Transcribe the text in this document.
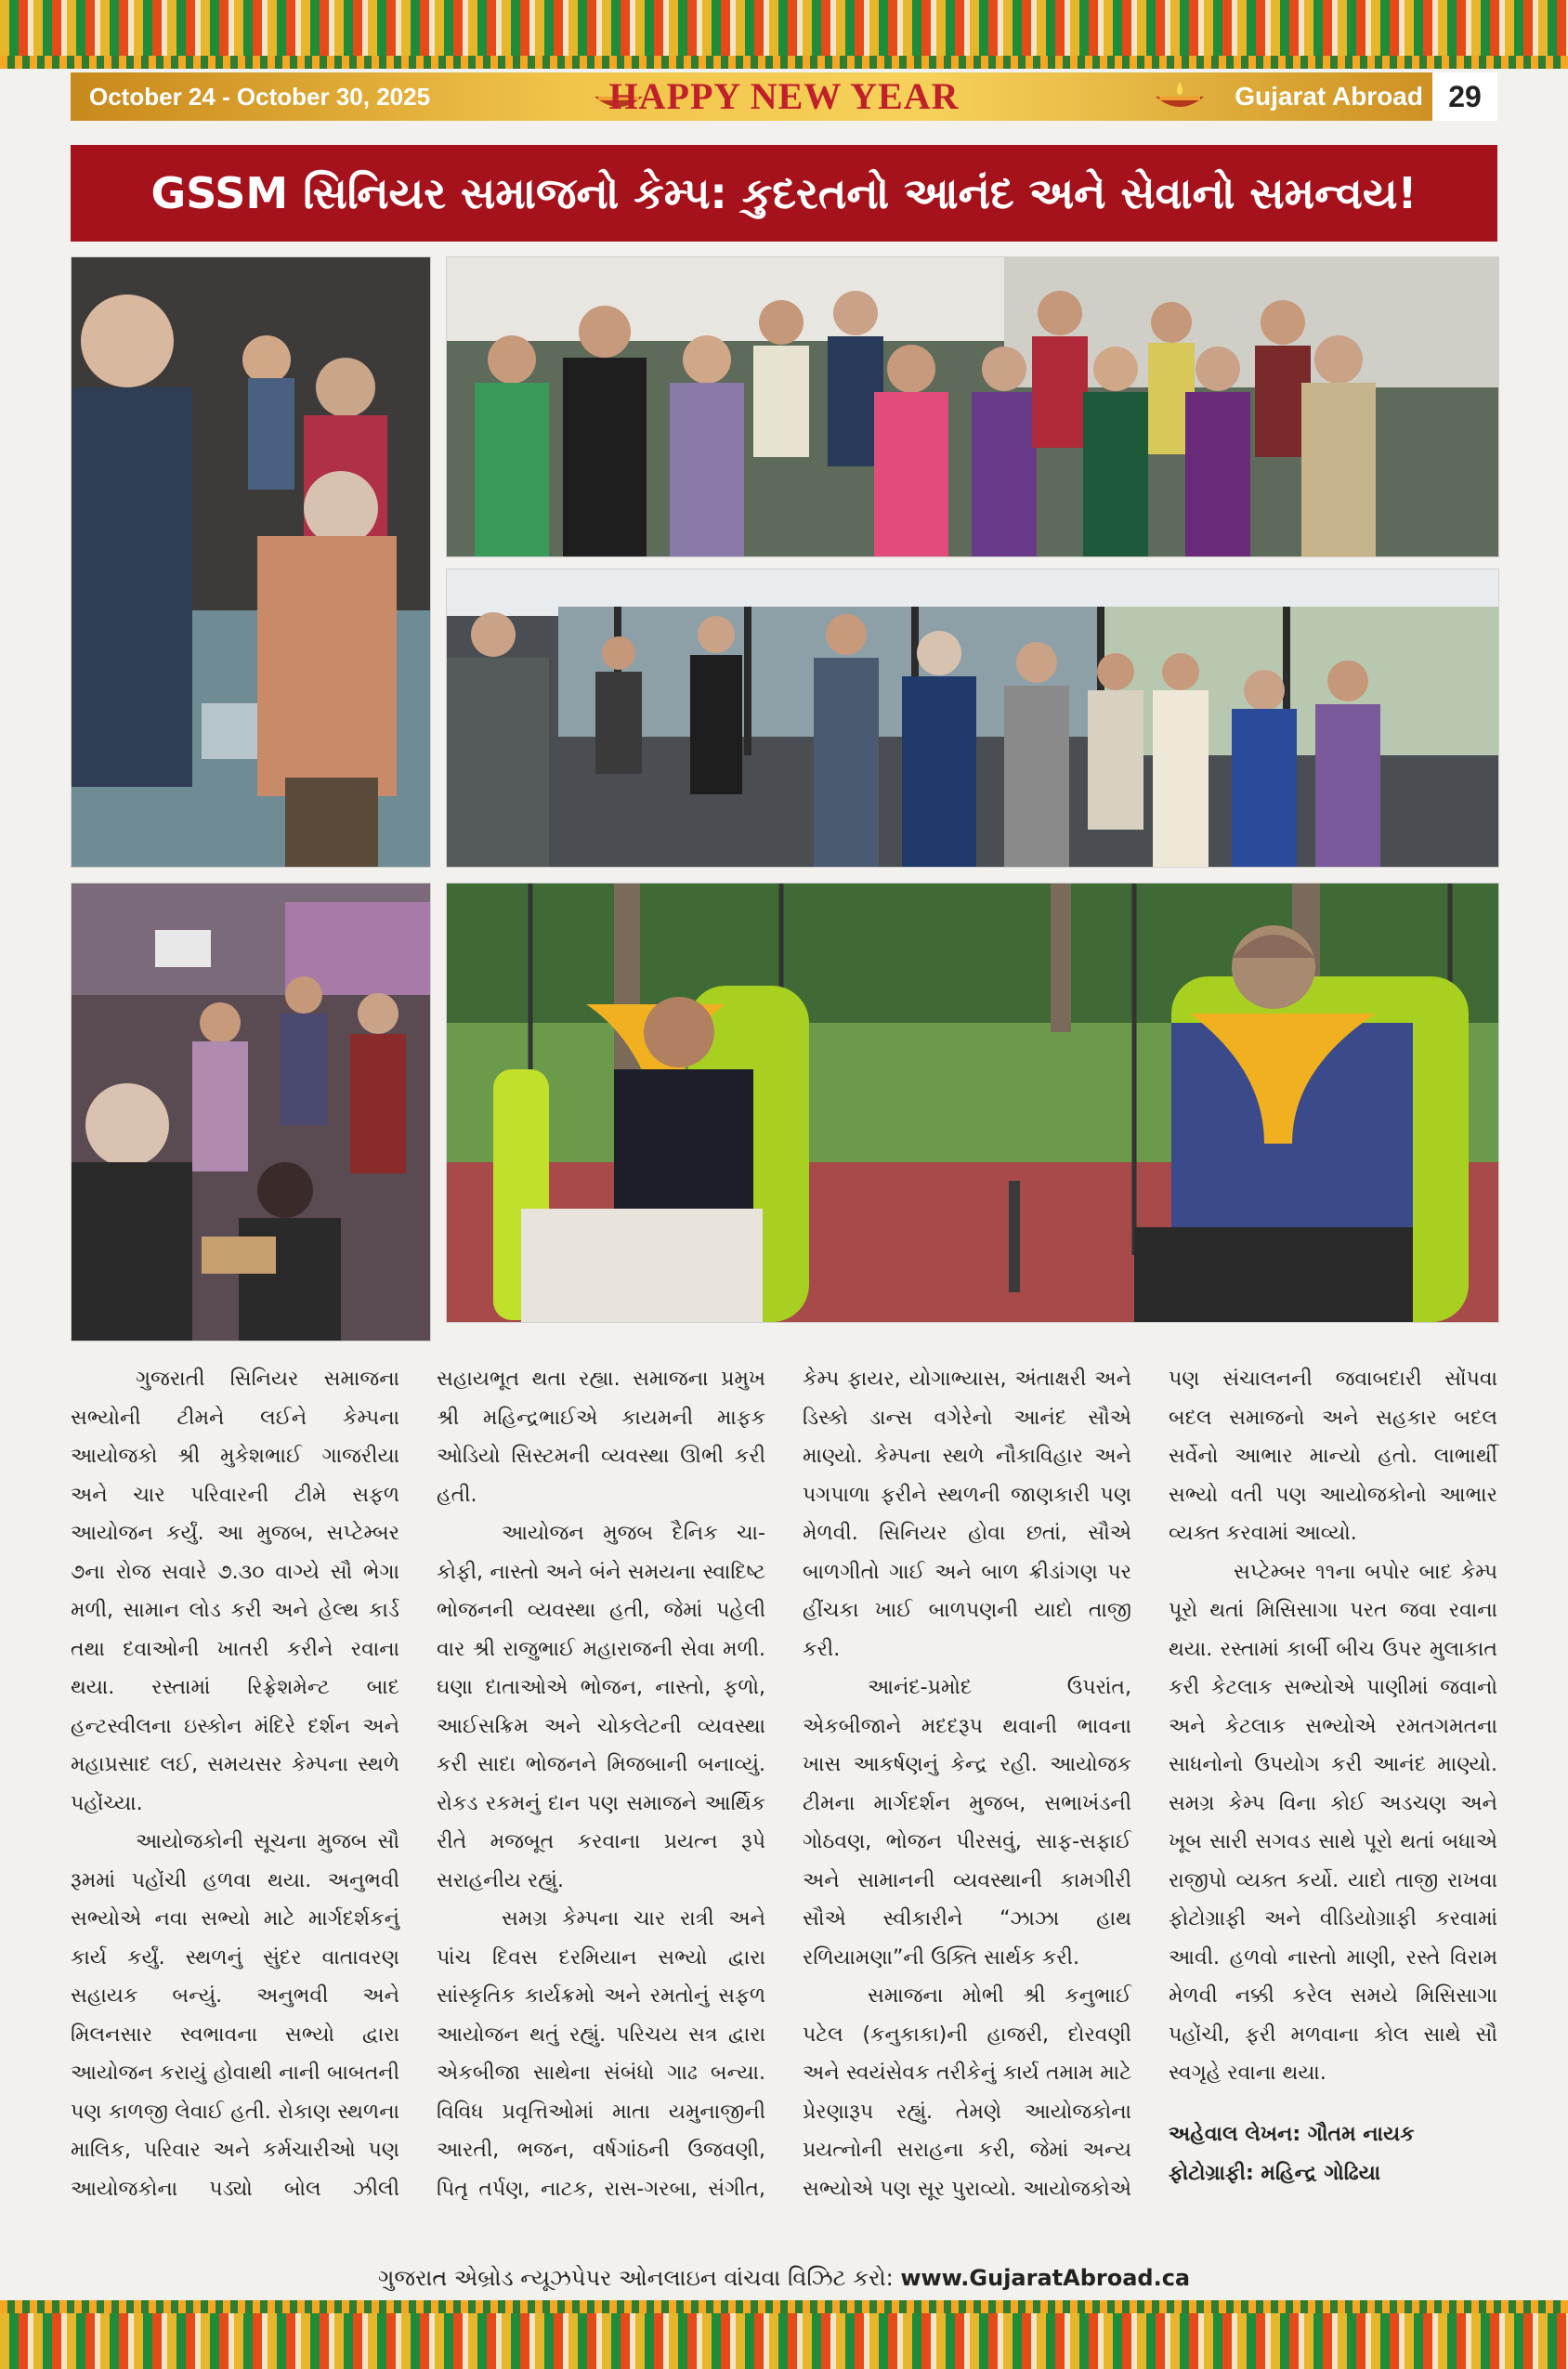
October 24 - October 30, 2025	HAPPY NEW YEAR	Gujarat Abroad 29
GSSM સિનિયર સમાજનો કેમ્પ: કુદરતનો આનંદ અને સેવાનો સમન્વય!

ગુજરાતી સિનિયર સમાજના સભ્યોની ટીમને લઈને કેમ્પના આયોજકો શ્રી મુકેશભાઈ ગાજરીયા અને ચાર પરિવારની ટીમે સફળ આયોજન કર્યું. આ મુજબ, સપ્ટેમ્બર ૭ના રોજ સવારે ૭.૩૦ વાગ્યે સૌ ભેગા મળી, સામાન લોડ કરી અને હેલ્થ કાર્ડ તથા દવાઓની ખાતરી કરીને રવાના થયા. રસ્તામાં રિફ્રેશમેન્ટ બાદ હન્ટસ્વીલના ઇસ્કોન મંદિરે દર્શન અને મહાપ્રસાદ લઈ, સમયસર કેમ્પના સ્થળે પહોંચ્યા.

આયોજકોની સૂચના મુજબ સૌ રૂમમાં પહોંચી હળવા થયા. અનુભવી સભ્યોએ નવા સભ્યો માટે માર્ગદર્શકનું કાર્ય કર્યું. સ્થળનું સુંદર વાતાવરણ સહાયક બન્યું. અનુભવી અને મિલનસાર સ્વભાવના સભ્યો દ્વારા આયોજન કરાયું હોવાથી નાની બાબતની પણ કાળજી લેવાઈ હતી. રોકાણ સ્થળના માલિક, પરિવાર અને કર્મચારીઓ પણ આયોજકોના પડ્યો બોલ ઝીલી સહાયભૂત થતા રહ્યા. સમાજના પ્રમુખ શ્રી મહિન્દ્રભાઈએ કાયમની માફક ઓડિયો સિસ્ટમની વ્યવસ્થા ઊભી કરી હતી.

આયોજન મુજબ દૈનિક ચા-કોફી, નાસ્તો અને બંને સમયના સ્વાદિષ્ટ ભોજનની વ્યવસ્થા હતી, જેમાં પહેલી વાર શ્રી રાજુભાઈ મહારાજની સેવા મળી. ઘણા દાતાઓએ ભોજન, નાસ્તો, ફળો, આઈસક્રિમ અને ચોકલેટની વ્યવસ્થા કરી સાદા ભોજનને મિજબાની બનાવ્યું. રોકડ રકમનું દાન પણ સમાજને આર્થિક રીતે મજબૂત કરવાના પ્રયત્ન રૂપે સરાહનીય રહ્યું.

સમગ્ર કેમ્પના ચાર રાત્રી અને પાંચ દિવસ દરમિયાન સભ્યો દ્વારા સાંસ્કૃતિક કાર્યક્રમો અને રમતોનું સફળ આયોજન થતું રહ્યું. પરિચય સત્ર દ્વારા એકબીજા સાથેના સંબંધો ગાઢ બન્યા. વિવિધ પ્રવૃત્તિઓમાં માતા યમુનાજીની આરતી, ભજન, વર્ષગાંઠની ઉજવણી, પિતૃ તર્પણ, નાટક, રાસ-ગરબા, સંગીત, કેમ્પ ફાયર, યોગાભ્યાસ, અંતાક્ષરી અને ડિસ્કો ડાન્સ વગેરેનો આનંદ સૌએ માણ્યો. કેમ્પના સ્થળે નૌકાવિહાર અને પગપાળા ફરીને સ્થળની જાણકારી પણ મેળવી. સિનિયર હોવા છતાં, સૌએ બાળગીતો ગાઈ અને બાળ ક્રીડાંગણ પર હીંચકા ખાઈ બાળપણની યાદો તાજી કરી.

આનંદ-પ્રમોદ ઉપરાંત, એકબીજાને મદદરૂપ થવાની ભાવના ખાસ આકર્ષણનું કેન્દ્ર રહી. આયોજક ટીમના માર્ગદર્શન મુજબ, સભાખંડની ગોઠવણ, ભોજન પીરસવું, સાફ-સફાઈ અને સામાનની વ્યવસ્થાની કામગીરી સૌએ સ્વીકારીને “ઝાઝા હાથ રળિયામણા”ની ઉક્તિ સાર્થક કરી.

સમાજના મોભી શ્રી કનુભાઈ પટેલ (કનુકાકા)ની હાજરી, દોરવણી અને સ્વયંસેવક તરીકેનું કાર્ય તમામ માટે પ્રેરણારૂપ રહ્યું. તેમણે આયોજકોના પ્રયત્નોની સરાહના કરી, જેમાં અન્ય સભ્યોએ પણ સૂર પુરાવ્યો. આયોજકોએ પણ સંચાલનની જવાબદારી સોંપવા બદલ સમાજનો અને સહકાર બદલ સર્વેનો આભાર માન્યો હતો. લાભાર્થી સભ્યો વતી પણ આયોજકોનો આભાર વ્યક્ત કરવામાં આવ્યો.

સપ્ટેમ્બર ૧૧ના બપોર બાદ કેમ્પ પૂરો થતાં મિસિસાગા પરત જવા રવાના થયા. રસ્તામાં કાર્બી બીચ ઉપર મુલાકાત કરી કેટલાક સભ્યોએ પાણીમાં જવાનો અને કેટલાક સભ્યોએ રમતગમતના સાધનોનો ઉપયોગ કરી આનંદ માણ્યો. સમગ્ર કેમ્પ વિના કોઈ અડચણ અને ખૂબ સારી સગવડ સાથે પૂરો થતાં બધાએ રાજીપો વ્યક્ત કર્યો. યાદો તાજી રાખવા ફોટોગ્રાફી અને વીડિયોગ્રાફી કરવામાં આવી. હળવો નાસ્તો માણી, રસ્તે વિરામ મેળવી નક્કી કરેલ સમયે મિસિસાગા પહોંચી, ફરી મળવાના કોલ સાથે સૌ સ્વગૃહે રવાના થયા.

અહેવાલ લેખન: ગૌતમ નાયક
ફોટોગ્રાફી: મહિન્દ્ર ગોઢિયા

ગુજરાત એબ્રોડ ન્યૂઝપેપર ઓનલાઇન વાંચવા વિઝિટ કરો: www.GujaratAbroad.ca
